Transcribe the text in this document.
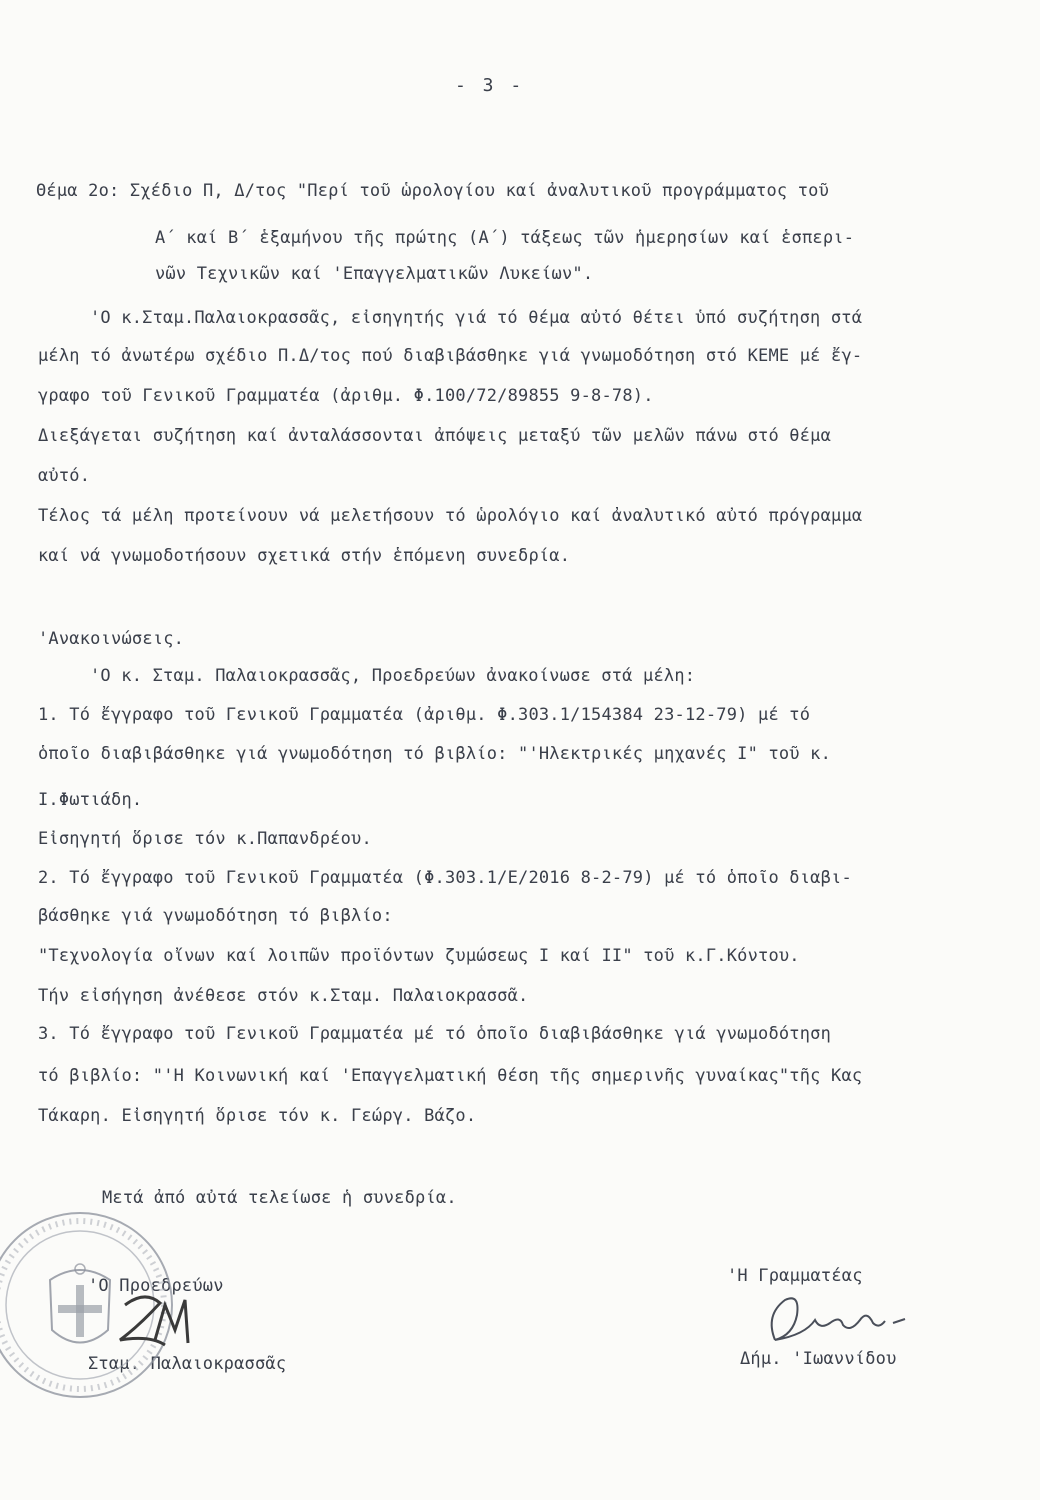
- 3 -
Θέμα 2ο: Σχέδιο Π, Δ/τος "Περί τοῦ ὡρολογίου καί ἀναλυτικοῦ προγράμματος τοῦ
Α΄ καί Β΄ ἑξαμήνου τῆς πρώτης (Α΄) τάξεως τῶν ἡμερησίων καί ἑσπερι-
νῶν Τεχνικῶν καί 'Επαγγελματικῶν Λυκείων".
'Ο κ.Σταμ.Παλαιοκρασσᾶς, εἰσηγητής γιά τό θέμα αὐτό θέτει ὑπό συζήτηση στά
μέλη τό ἀνωτέρω σχέδιο Π.Δ/τος πού διαβιβάσθηκε γιά γνωμοδότηση στό ΚΕΜΕ μέ ἔγ-
γραφο τοῦ Γενικοῦ Γραμματέα (ἀριθμ. Φ.100/72/89855 9-8-78).
Διεξάγεται συζήτηση καί ἀνταλάσσονται ἀπόψεις μεταξύ τῶν μελῶν πάνω στό θέμα
αὐτό.
Τέλος τά μέλη προτείνουν νά μελετήσουν τό ὡρολόγιο καί ἀναλυτικό αὐτό πρόγραμμα
καί νά γνωμοδοτήσουν σχετικά στήν ἑπόμενη συνεδρία.
'Ανακοινώσεις.
'Ο κ. Σταμ. Παλαιοκρασσᾶς, Προεδρεύων ἀνακοίνωσε στά μέλη:
1. Τό ἔγγραφο τοῦ Γενικοῦ Γραμματέα (ἀριθμ. Φ.303.1/154384 23-12-79) μέ τό
ὁποῖο διαβιβάσθηκε γιά γνωμοδότηση τό βιβλίο: "'Ηλεκτρικές μηχανές Ι" τοῦ κ.
Ι.Φωτιάδη.
Εἰσηγητή ὅρισε τόν κ.Παπανδρέου.
2. Τό ἔγγραφο τοῦ Γενικοῦ Γραμματέα (Φ.303.1/Ε/2016 8-2-79) μέ τό ὁποῖο διαβι-
βάσθηκε γιά γνωμοδότηση τό βιβλίο:
"Τεχνολογία οἴνων καί λοιπῶν προϊόντων ζυμώσεως Ι καί ΙΙ" τοῦ κ.Γ.Κόντου.
Τήν εἰσήγηση ἀνέθεσε στόν κ.Σταμ. Παλαιοκρασσᾶ.
3. Τό ἔγγραφο τοῦ Γενικοῦ Γραμματέα μέ τό ὁποῖο διαβιβάσθηκε γιά γνωμοδότηση
τό βιβλίο: "'Η Κοινωνική καί 'Επαγγελματική θέση τῆς σημερινῆς γυναίκας"τῆς Κας
Τάκαρη. Εἰσηγητή ὅρισε τόν κ. Γεώργ. Βάζο.
Μετά ἀπό αὐτά τελείωσε ἡ συνεδρία.
'Ο Προεδρεύων
Σταμ. Παλαιοκρασσᾶς
'Η Γραμματέας
Δήμ. 'Ιωαννίδου
